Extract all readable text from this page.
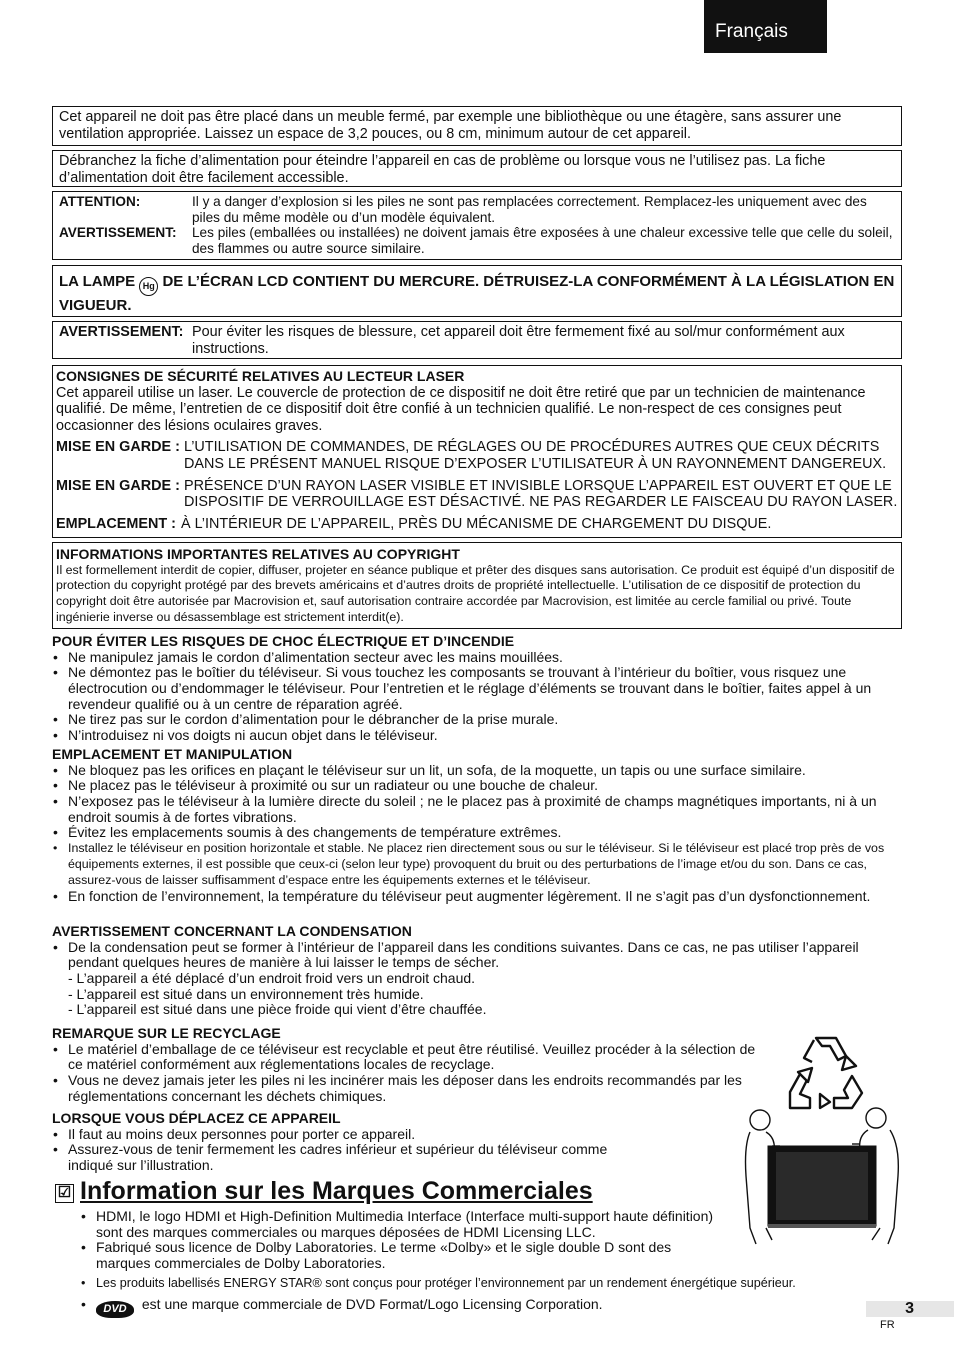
Français
Cet appareil ne doit pas être placé dans un meuble fermé, par exemple une bibliothèque ou une étagère, sans assurer une ventilation appropriée. Laissez un espace de 3,2 pouces, ou 8 cm, minimum autour de cet appareil.
Débranchez la fiche d’alimentation pour éteindre l’appareil en cas de problème ou lorsque vous ne l’utilisez pas. La fiche d’alimentation doit être facilement accessible.
ATTENTION:	Il y a danger d’explosion si les piles ne sont pas remplacées correctement. Remplacez-les uniquement avec des piles du même modèle ou d’un modèle équivalent.
AVERTISSEMENT:	Les piles (emballées ou installées) ne doivent jamais être exposées à une chaleur excessive telle que celle du soleil, des flammes ou autre source similaire.
LA LAMPE Hg DE L’ÉCRAN LCD CONTIENT DU MERCURE. DÉTRUISEZ-LA CONFORMÉMENT À LA LÉGISLATION EN VIGUEUR.
AVERTISSEMENT: Pour éviter les risques de blessure, cet appareil doit être fermement fixé au sol/mur conformément aux instructions.
CONSIGNES DE SÉCURITÉ RELATIVES AU LECTEUR LASER
Cet appareil utilise un laser. Le couvercle de protection de ce dispositif ne doit être retiré que par un technicien de maintenance qualifié. De même, l’entretien de ce dispositif doit être confié à un technicien qualifié. Le non-respect de ces consignes peut occasionner des lésions oculaires graves.
MISE EN GARDE : L’UTILISATION DE COMMANDES, DE RÉGLAGES OU DE PROCÉDURES AUTRES QUE CEUX DÉCRITS DANS LE PRÉSENT MANUEL RISQUE D’EXPOSER L’UTILISATEUR À UN RAYONNEMENT DANGEREUX.
MISE EN GARDE : PRÉSENCE D’UN RAYON LASER VISIBLE ET INVISIBLE LORSQUE L’APPAREIL EST OUVERT ET QUE LE DISPOSITIF DE VERROUILLAGE EST DÉSACTIVÉ. NE PAS REGARDER LE FAISCEAU DU RAYON LASER.
EMPLACEMENT : À L’INTÉRIEUR DE L’APPAREIL, PRÈS DU MÉCANISME DE CHARGEMENT DU DISQUE.
INFORMATIONS IMPORTANTES RELATIVES AU COPYRIGHT
Il est formellement interdit de copier, diffuser, projeter en séance publique et prêter des disques sans autorisation. Ce produit est équipé d’un dispositif de protection du copyright protégé par des brevets américains et d’autres droits de propriété intellectuelle. L’utilisation de ce dispositif de protection du copyright doit être autorisée par Macrovision et, sauf autorisation contraire accordée par Macrovision, est limitée au cercle familial ou privé. Toute ingénierie inverse ou désassemblage est strictement interdit(e).
POUR ÉVITER LES RISQUES DE CHOC ÉLECTRIQUE ET D’INCENDIE
• Ne manipulez jamais le cordon d’alimentation secteur avec les mains mouillées.
• Ne démontez pas le boîtier du téléviseur. Si vous touchez les composants se trouvant à l’intérieur du boîtier, vous risquez une électrocution ou d’endommager le téléviseur. Pour l’entretien et le réglage d’éléments se trouvant dans le boîtier, faites appel à un revendeur qualifié ou à un centre de réparation agréé.
• Ne tirez pas sur le cordon d’alimentation pour le débrancher de la prise murale.
• N’introduisez ni vos doigts ni aucun objet dans le téléviseur.
EMPLACEMENT ET MANIPULATION
• Ne bloquez pas les orifices en plaçant le téléviseur sur un lit, un sofa, de la moquette, un tapis ou une surface similaire.
• Ne placez pas le téléviseur à proximité ou sur un radiateur ou une bouche de chaleur.
• N’exposez pas le téléviseur à la lumière directe du soleil ; ne le placez pas à proximité de champs magnétiques importants, ni à un endroit soumis à de fortes vibrations.
• Évitez les emplacements soumis à des changements de température extrêmes.
• Installez le téléviseur en position horizontale et stable. Ne placez rien directement sous ou sur le téléviseur. Si le téléviseur est placé trop près de vos équipements externes, il est possible que ceux-ci (selon leur type) provoquent du bruit ou des perturbations de l’image et/ou du son. Dans ce cas, assurez-vous de laisser suffisamment d’espace entre les équipements externes et le téléviseur.
• En fonction de l’environnement, la température du téléviseur peut augmenter légèrement. Il ne s’agit pas d’un dysfonctionnement.
AVERTISSEMENT CONCERNANT LA CONDENSATION
• De la condensation peut se former à l’intérieur de l’appareil dans les conditions suivantes. Dans ce cas, ne pas utiliser l’appareil pendant quelques heures de manière à lui laisser le temps de sécher.
- L’appareil a été déplacé d’un endroit froid vers un endroit chaud.
- L’appareil est situé dans un environnement très humide.
- L’appareil est situé dans une pièce froide qui vient d’être chauffée.
REMARQUE SUR LE RECYCLAGE
• Le matériel d’emballage de ce téléviseur est recyclable et peut être réutilisé. Veuillez procéder à la sélection de ce matériel conformément aux réglementations locales de recyclage.
• Vous ne devez jamais jeter les piles ni les incinérer mais les déposer dans les endroits recommandés par les réglementations concernant les déchets chimiques.
LORSQUE VOUS DÉPLACEZ CE APPAREIL
• Il faut au moins deux personnes pour porter ce appareil.
• Assurez-vous de tenir fermement les cadres inférieur et supérieur du téléviseur comme indiqué sur l’illustration.
☑ Information sur les Marques Commerciales
• HDMI, le logo HDMI et High-Definition Multimedia Interface (Interface multi-support haute définition) sont des marques commerciales ou marques déposées de HDMI Licensing LLC.
• Fabriqué sous licence de Dolby Laboratories. Le terme «Dolby» et le sigle double D sont des marques commerciales de Dolby Laboratories.
• Les produits labellisés ENERGY STAR® sont conçus pour protéger l’environnement par un rendement énergétique supérieur.
• DVD est une marque commerciale de DVD Format/Logo Licensing Corporation.	3
FR
